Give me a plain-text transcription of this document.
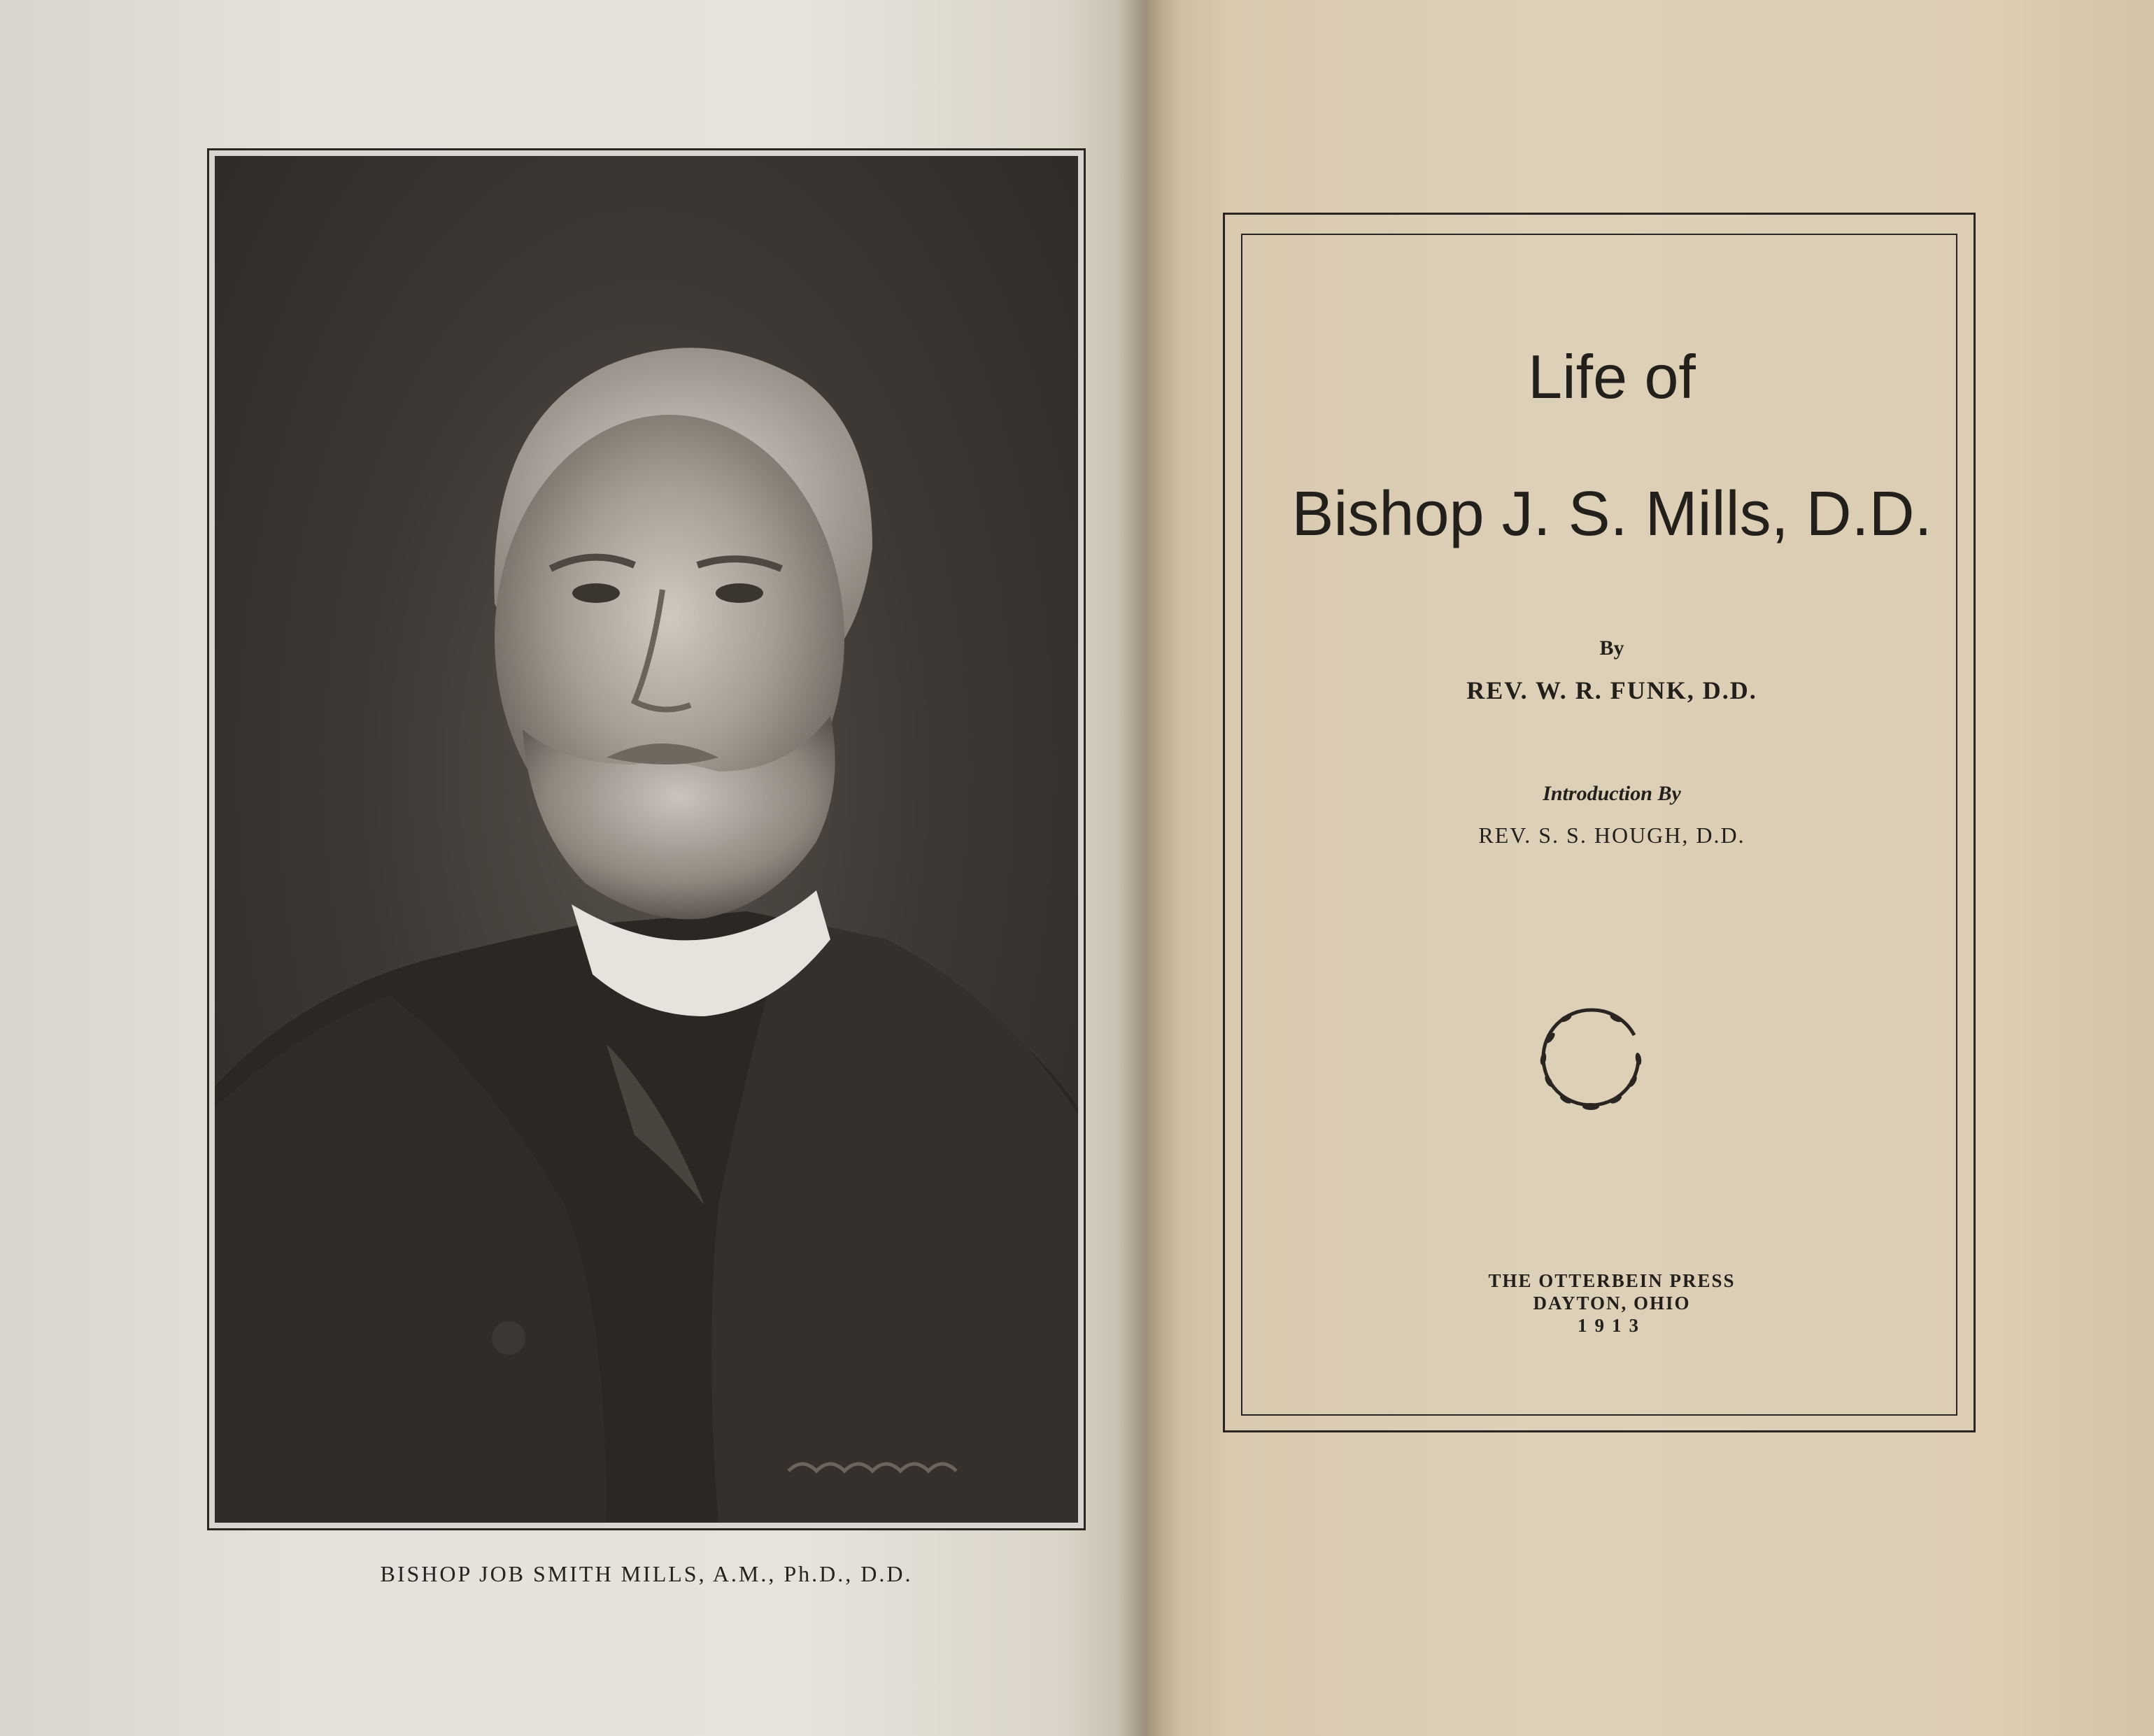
BISHOP JOB SMITH MILLS, A.M., Ph.D., D.D.
Life of
Bishop J. S. Mills, D.D.
By
REV. W. R. FUNK, D.D.
Introduction By
REV. S. S. HOUGH, D.D.
THE OTTERBEIN PRESS
DAYTON, OHIO
1913
